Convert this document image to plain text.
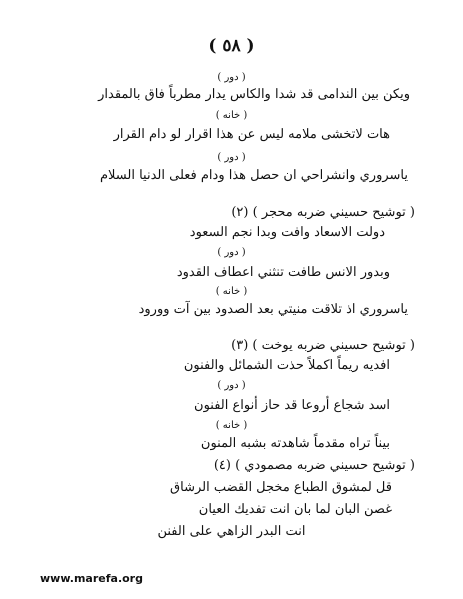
( ٥٨ )
( دور )
ويكن بين الندامى قد شدا والكاس يدار مطرباً فاق بالمقدار
( خانه )
هات لاتخشى ملامه ليس عن هذا اقرار لو دام القرار
( دور )
ياسروري وانشراحي ان حصل هذا ودام فعلى الدنيا السلام
( توشيح حسيني ضربه محجر ) (٢)
دولت الاسعاد وافت وبدا نجم السعود
( دور )
وبدور الانس طافت تنثني اعطاف القدود
( خانه )
ياسروري اذ تلاقت منيتي بعد الصدود بين آت وورود
( توشيح حسيني ضربه يوخت ) (٣)
افديه ريماً اكملاً حذت الشمائل والفنون
( دور )
اسد شجاع أروعا قد حاز أنواع الفنون
( خانه )
بيناً تراه مقدماً شاهدته بشبه المنون
( توشيح حسيني ضربه مصمودي ) (٤)
قل لمشوق الطباع مخجل القضب الرشاق
غصن البان لما بان انت تفديك العيان
انت البدر الزاهي على الفنن
www.marefa.org
